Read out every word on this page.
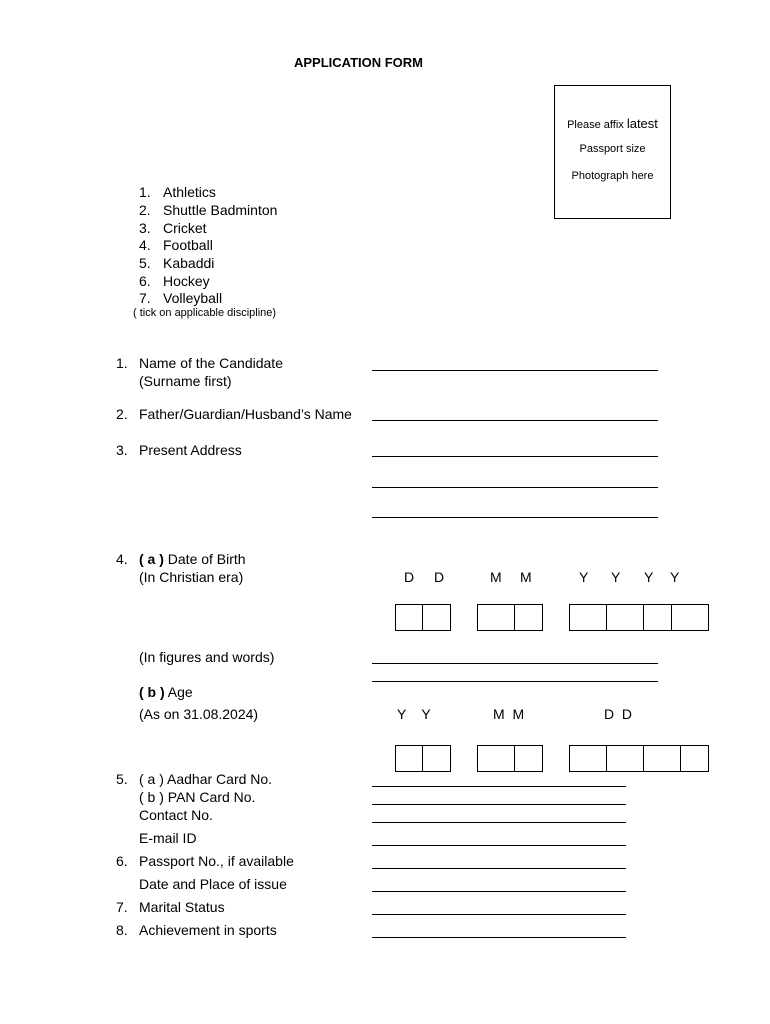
APPLICATION FORM
Please affix latest
Passport size
Photograph here
1. Athletics
2. Shuttle Badminton
3. Cricket
4. Football
5. Kabaddi
6. Hockey
7. Volleyball
( tick on applicable discipline)
1. Name of the Candidate
(Surname first)
2. Father/Guardian/Husband’s Name
3. Present Address
4. ( a ) Date of Birth
(In Christian era)	D D	M M	Y Y Y Y
(In figures and words)
( b ) Age
(As on 31.08.2024)	Y    Y	M  M	D  D
5. ( a ) Aadhar Card No.
( b ) PAN Card No.
Contact No.
E-mail ID
6. Passport No., if available
Date and Place of issue
7. Marital Status
8. Achievement in sports
